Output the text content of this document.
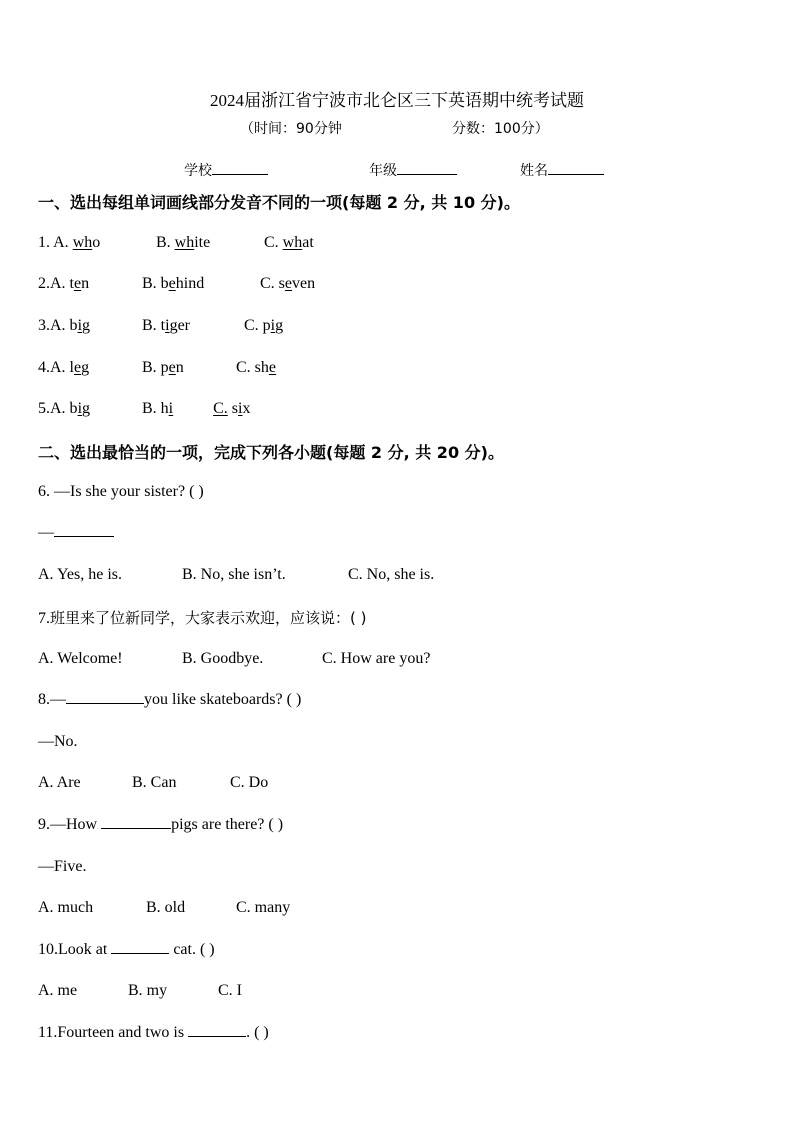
2024届浙江省宁波市北仑区三下英语期中统考试题
（时间：90分钟	分数：100分）
学校	年级	姓名
一、选出每组单词画线部分发音不同的一项(每题 2 分, 共 10 分)。
1. A. who	B. white	C. what
2.A. ten	B. behind	C. seven
3.A. big	B. tiger	C. pig
4.A. leg	B. pen	C. she
5.A. big	B. hi	C. six
二、选出最恰当的一项，完成下列各小题(每题 2 分, 共 20 分)。
6. —Is she your sister? ( )
—
A. Yes, he is.	B. No, she isn’t.	C. No, she is.
7.班里来了位新同学，大家表示欢迎，应该说：( )
A. Welcome!	B. Goodbye.	C. How are you?
8.—	you like skateboards? ( )
—No.
A. Are	B. Can	C. Do
9.—How	pigs are there? ( )
—Five.
A. much	B. old	C. many
10.Look at	cat. ( )
A. me	B. my	C. I
11.Fourteen and two is	. ( )
